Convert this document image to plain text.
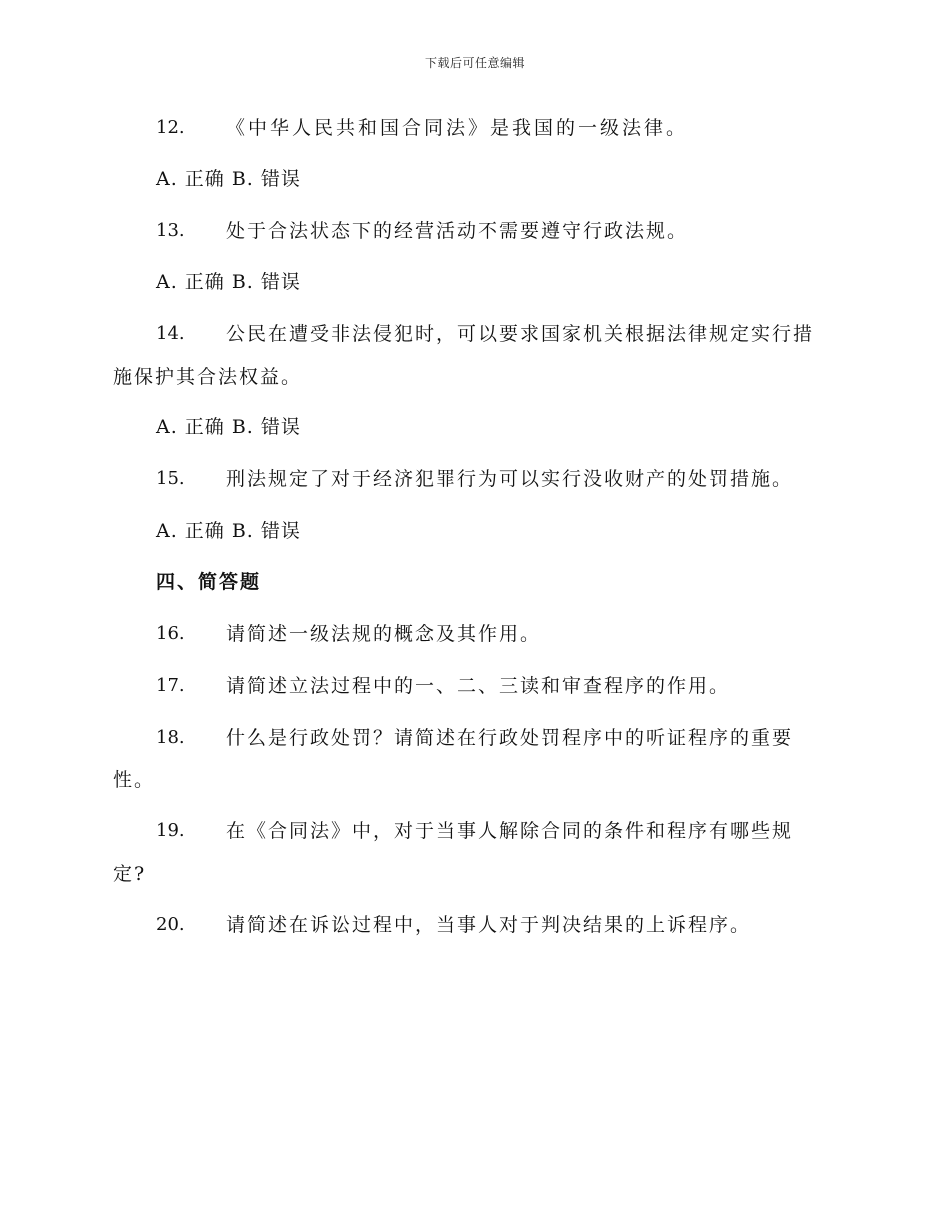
下载后可任意编辑
12. 《中华人民共和国合同法》是我国的一级法律。
A. 正确 B. 错误
13. 处于合法状态下的经营活动不需要遵守行政法规。
A. 正确 B. 错误
14. 公民在遭受非法侵犯时，可以要求国家机关根据法律规定实行措
施保护其合法权益。
A. 正确 B. 错误
15. 刑法规定了对于经济犯罪行为可以实行没收财产的处罚措施。
A. 正确 B. 错误
四、简答题
16. 请简述一级法规的概念及其作用。
17. 请简述立法过程中的一、二、三读和审查程序的作用。
18. 什么是行政处罚？请简述在行政处罚程序中的听证程序的重要
性。
19. 在《合同法》中，对于当事人解除合同的条件和程序有哪些规
定?
20. 请简述在诉讼过程中，当事人对于判决结果的上诉程序。
